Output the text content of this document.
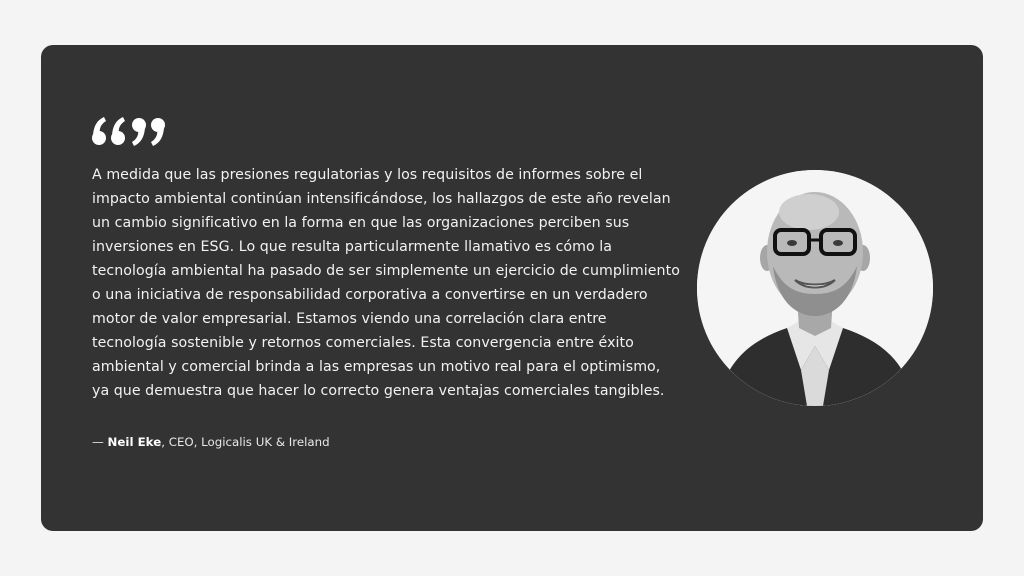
A medida que las presiones regulatorias y los requisitos de informes sobre el impacto ambiental continúan intensificándose, los hallazgos de este año revelan un cambio significativo en la forma en que las organizaciones perciben sus inversiones en ESG. Lo que resulta particularmente llamativo es cómo la tecnología ambiental ha pasado de ser simplemente un ejercicio de cumplimiento o una iniciativa de responsabilidad corporativa a convertirse en un verdadero motor de valor empresarial. Estamos viendo una correlación clara entre tecnología sostenible y retornos comerciales. Esta convergencia entre éxito ambiental y comercial brinda a las empresas un motivo real para el optimismo, ya que demuestra que hacer lo correcto genera ventajas comerciales tangibles.

— Neil Eke, CEO, Logicalis UK & Ireland
